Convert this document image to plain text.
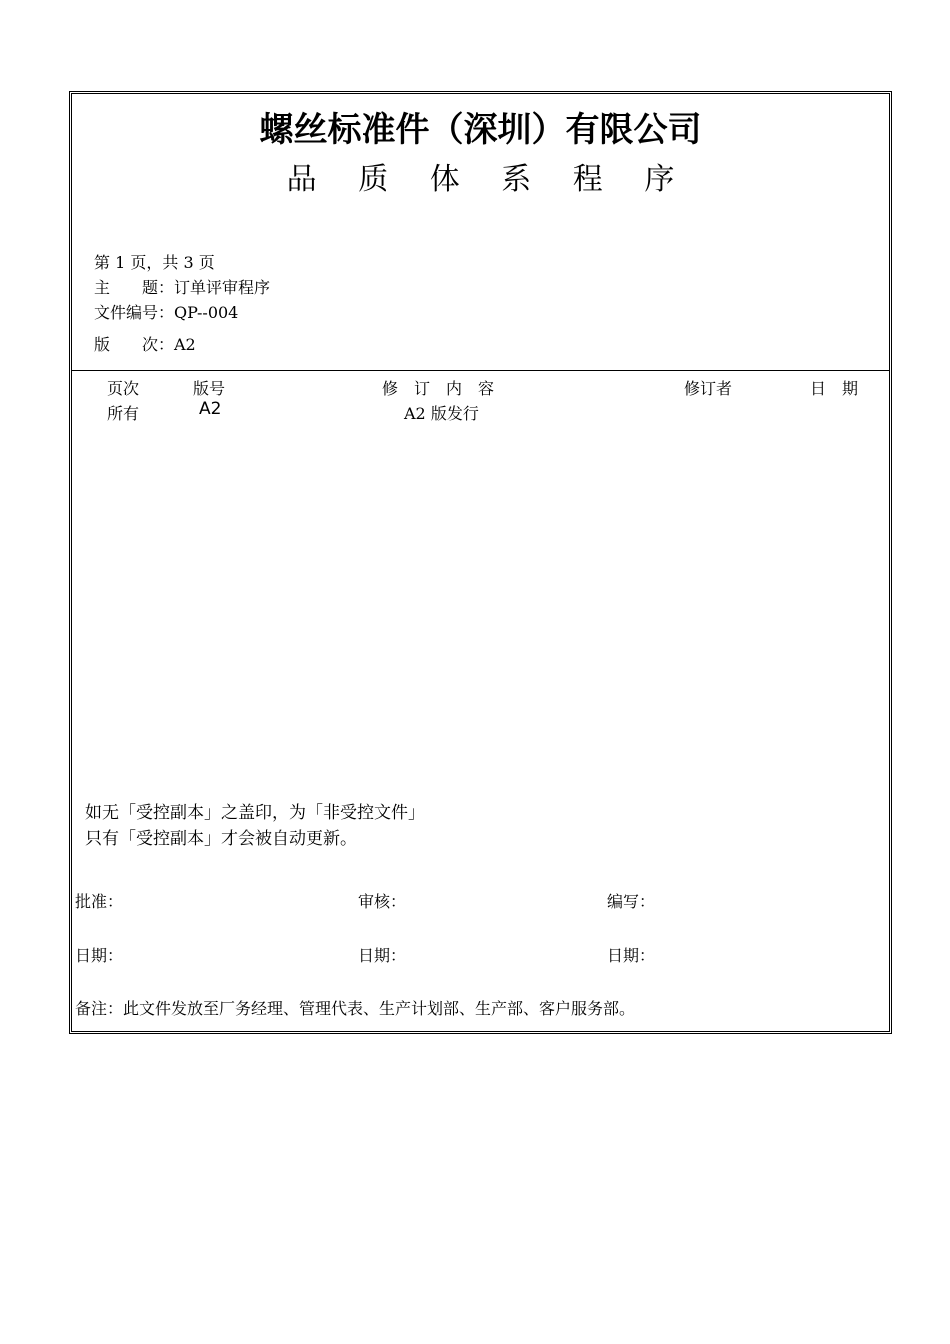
螺丝标准件（深圳）有限公司
品 质 体 系 程 序
第 1 页，共 3 页
主　　题：订单评审程序
文件编号：QP--004
版　　次：A2
页次	版号	修　订　内　容	修订者	日　期
所有	A2	A2 版发行
如无「受控副本」之盖印，为「非受控文件」
只有「受控副本」才会被自动更新。
批准：	审核：	编写：
日期：	日期：	日期：
备注：此文件发放至厂务经理、管理代表、生产计划部、生产部、客户服务部。
